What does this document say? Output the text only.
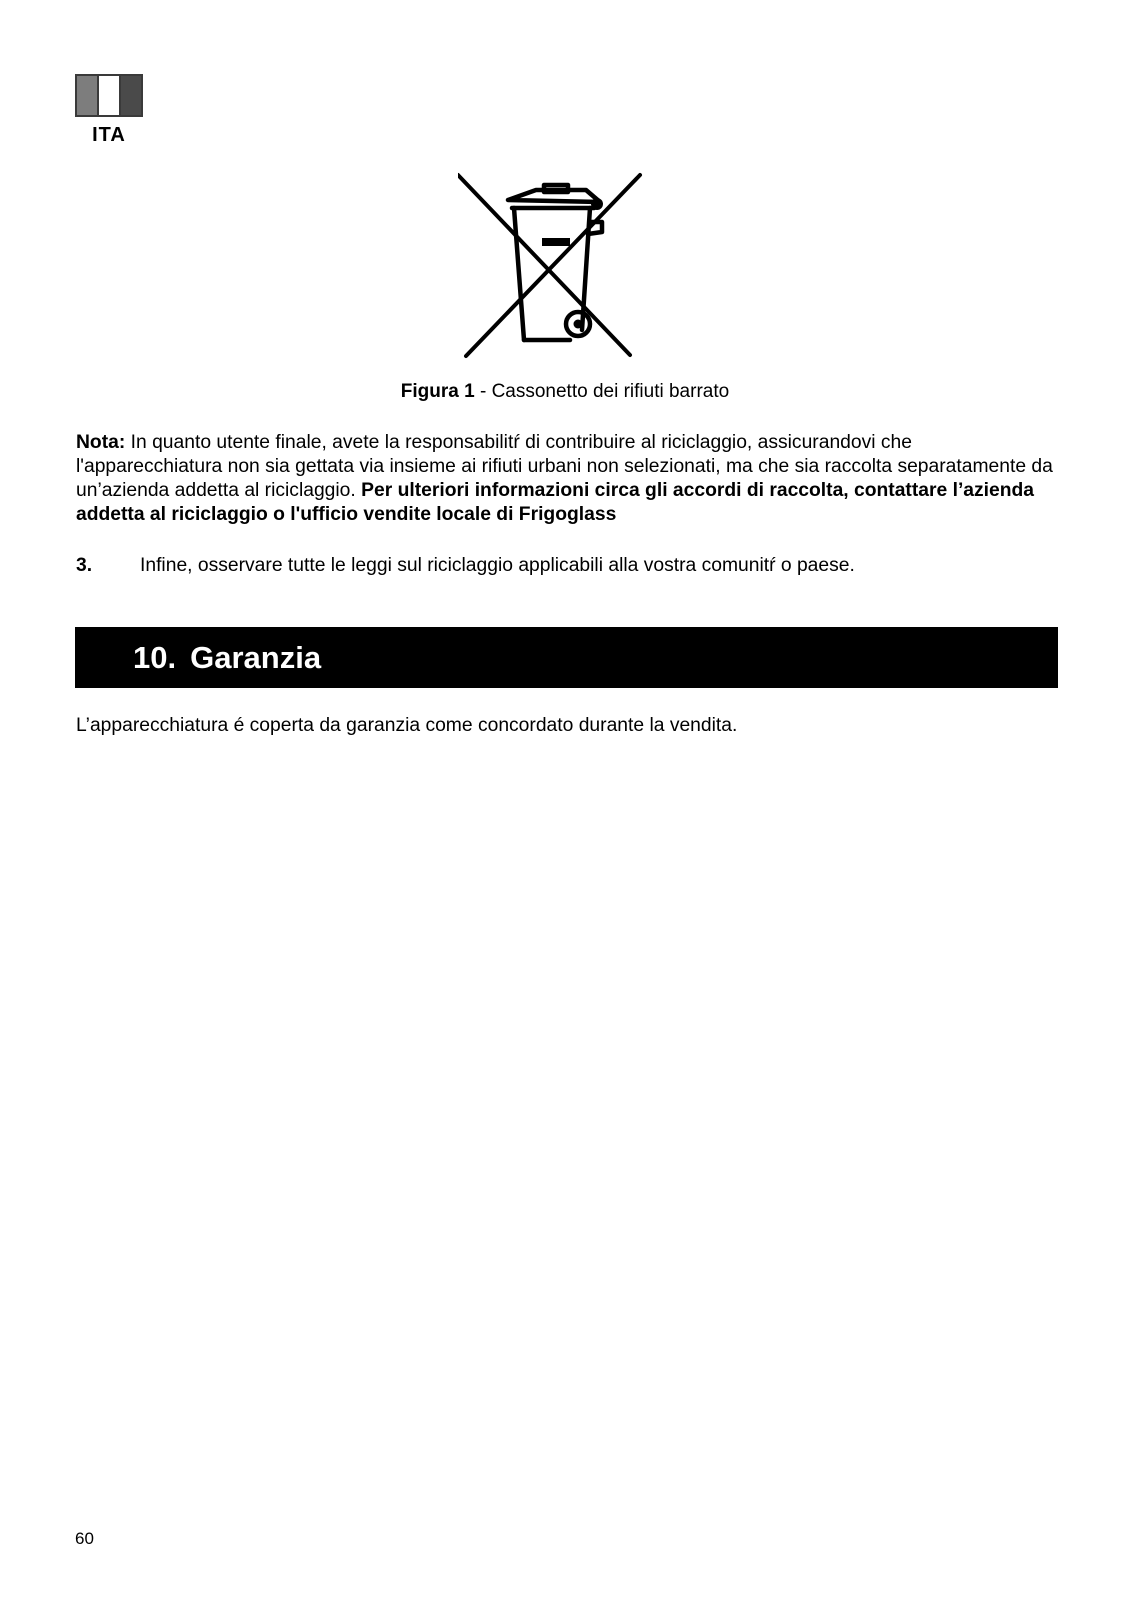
ITA
Figura 1 - Cassonetto dei rifiuti barrato
Nota: In quanto utente finale, avete la responsabilitŕ di contribuire al riciclaggio, assicurandovi che l'apparecchiatura non sia gettata via insieme ai rifiuti urbani non selezionati, ma che sia raccolta separatamente da un’azienda addetta al riciclaggio. Per ulteriori informazioni circa gli accordi di raccolta, contattare l’azienda addetta al riciclaggio o l'ufficio vendite locale di Frigoglass
3. Infine, osservare tutte le leggi sul riciclaggio applicabili alla vostra comunitŕ o paese.
10. Garanzia
L’apparecchiatura é coperta da garanzia come concordato durante la vendita.
60
